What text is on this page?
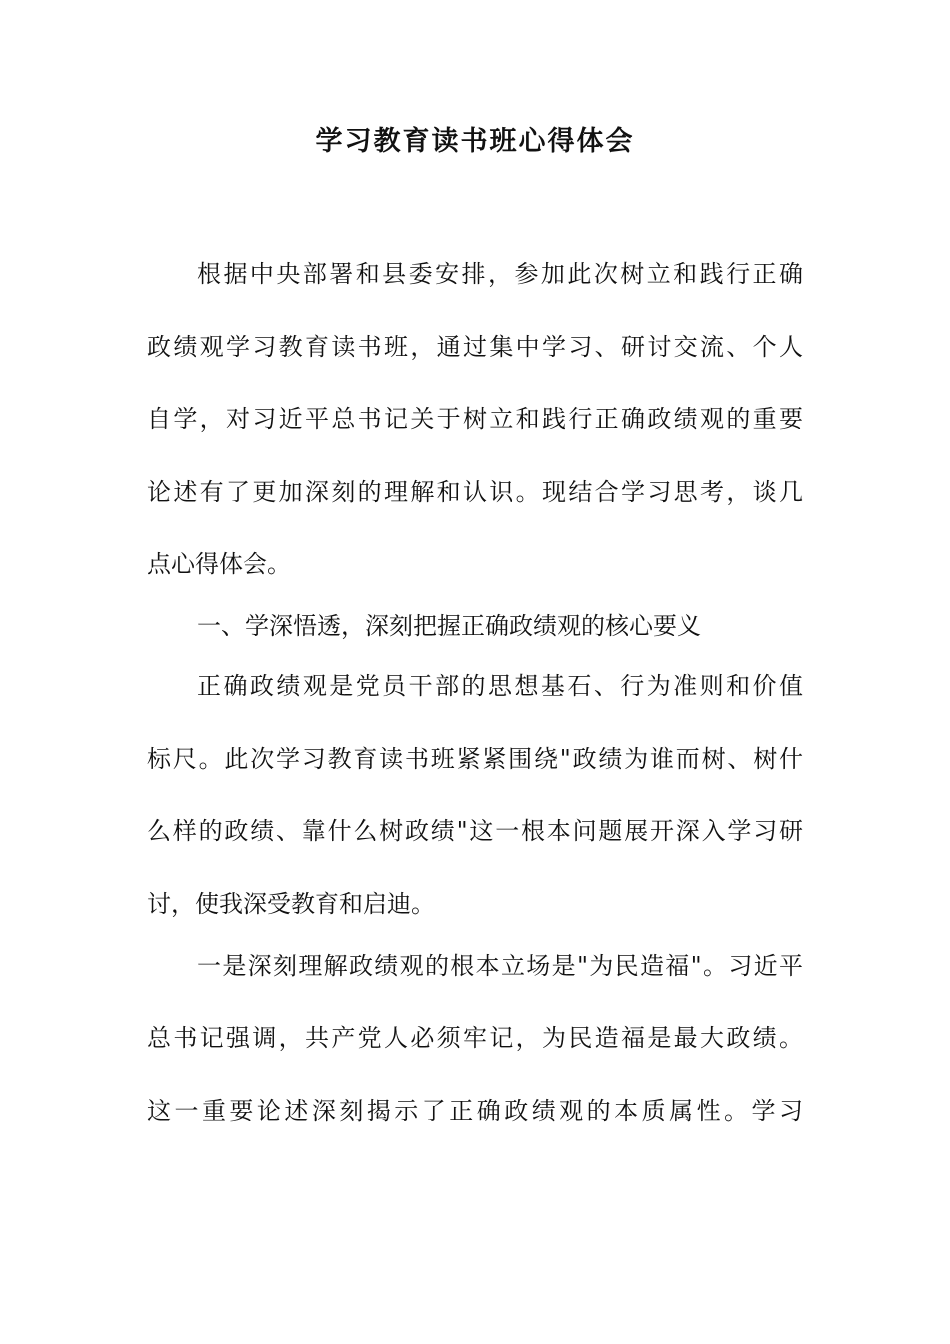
学习教育读书班心得体会
根据中央部署和县委安排，参加此次树立和践行正确
政绩观学习教育读书班，通过集中学习、研讨交流、个人
自学，对习近平总书记关于树立和践行正确政绩观的重要
论述有了更加深刻的理解和认识。现结合学习思考，谈几
点心得体会。
一、学深悟透，深刻把握正确政绩观的核心要义
正确政绩观是党员干部的思想基石、行为准则和价值
标尺。此次学习教育读书班紧紧围绕"政绩为谁而树、树什
么样的政绩、靠什么树政绩"这一根本问题展开深入学习研
讨，使我深受教育和启迪。
一是深刻理解政绩观的根本立场是"为民造福"。习近平
总书记强调，共产党人必须牢记，为民造福是最大政绩。
这一重要论述深刻揭示了正确政绩观的本质属性。学习
